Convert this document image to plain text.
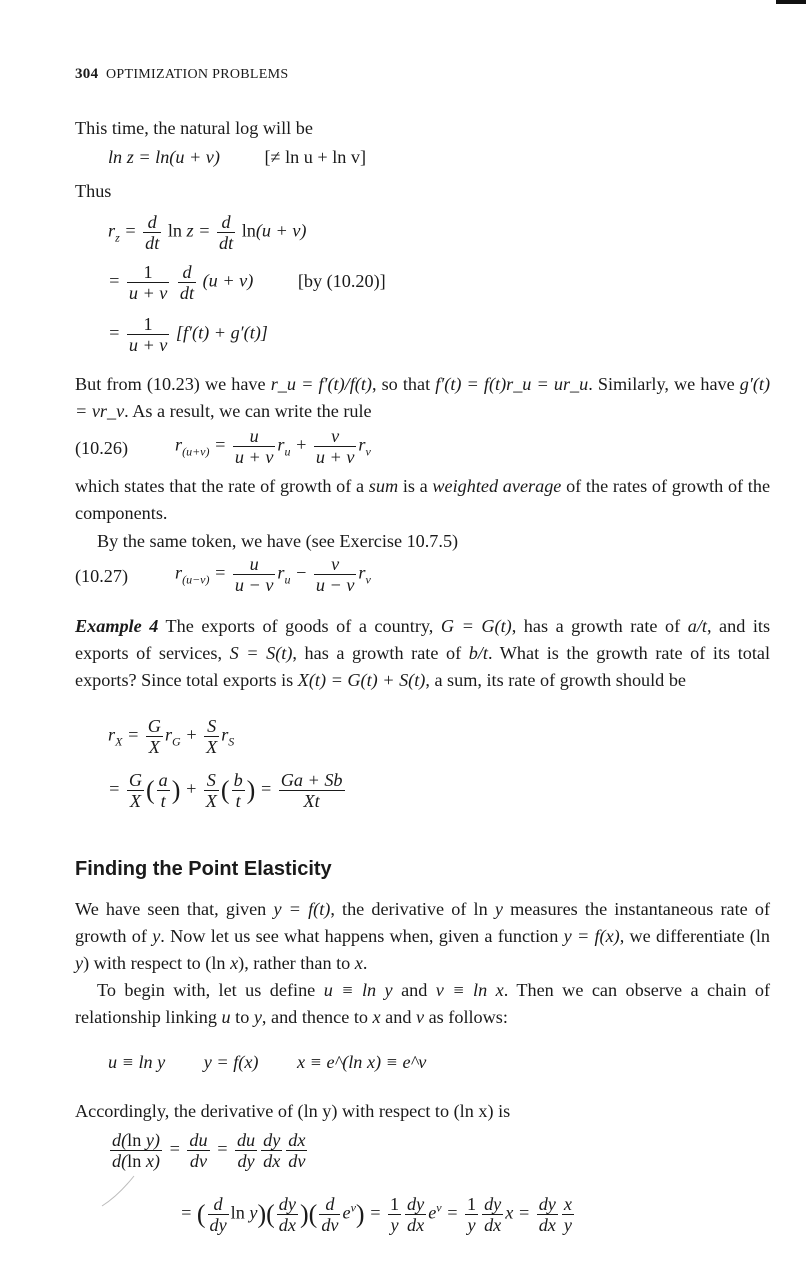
304 OPTIMIZATION PROBLEMS
This time, the natural log will be
ln z = ln(u + v) [≠ ln u + ln v]
Thus
$r_z = \frac{d}{dt}$ $\ln z = \frac{d}{dt} \ln(u + v)$
= $\frac{1}{u + v}$
$\frac{d}{dt} (u + v)$ [by (10.20)]
= $\frac{1}{u + v} [f'(t) + g'(t)]$
But from (10.23) we have r_u = f′(t)/f(t), so that f′(t) = f(t)r_u = ur_u. Similarly, we have g′(t) = vr_v. As a result, we can write the rule
(10.26)	$r_{(u+v)} = \frac{u}{u + v} r_u + \frac{v}{u + v} r_v$
which states that the rate of growth of a sum is a weighted average of the rates of growth of the components.
By the same token, we have (see Exercise 10.7.5)
(10.27)	$r_{(u-v)} = \frac{u}{u - v} r_u - \frac{v}{u - v} r_v$
Example 4 The exports of goods of a country, G = G(t), has a growth rate of a/t, and its exports of services, S = S(t), has a growth rate of b/t. What is the growth rate of its total exports? Since total exports is X(t) = G(t) + S(t), a sum, its rate of growth should be
$r_X = \frac{G}{X} r_G + \frac{S}{X} r_S$
= $\frac{G}{X}$ ( $\frac{a}{t}$ ) + $\frac{S}{X}$ ( $\frac{b}{t}$ ) = $\frac{Ga + Sb}{Xt}$
Finding the Point Elasticity
We have seen that, given y = f(t), the derivative of ln y measures the instantaneous rate of growth of y. Now let us see what happens when, given a function y = f(x), we differentiate (ln y) with respect to (ln x), rather than to x.
To begin with, let us define u ≡ ln y and v ≡ ln x. Then we can observe a chain of relationship linking u to y, and thence to x and v as follows:
u ≡ ln y y = f(x) x ≡ e^(ln x) ≡ e^v
Accordingly, the derivative of (ln y) with respect to (ln x) is
$\frac{\text{d(ln y)}}{\text{d(ln x)}} = \frac{du}{dv} = \frac{du}{dy} \frac{dy}{dx} \frac{dx}{dv}$
= ( $\frac{d}{dy}$ $\ln y)( \frac{dy}{dx}$ )( $\frac{d}{dv} e^v) = \frac{1}{y} \frac{dy}{dx} e^v = \frac{1}{y} \frac{dy}{dx}$ $x = \frac{dy}{dx} \frac{x}{y}$
